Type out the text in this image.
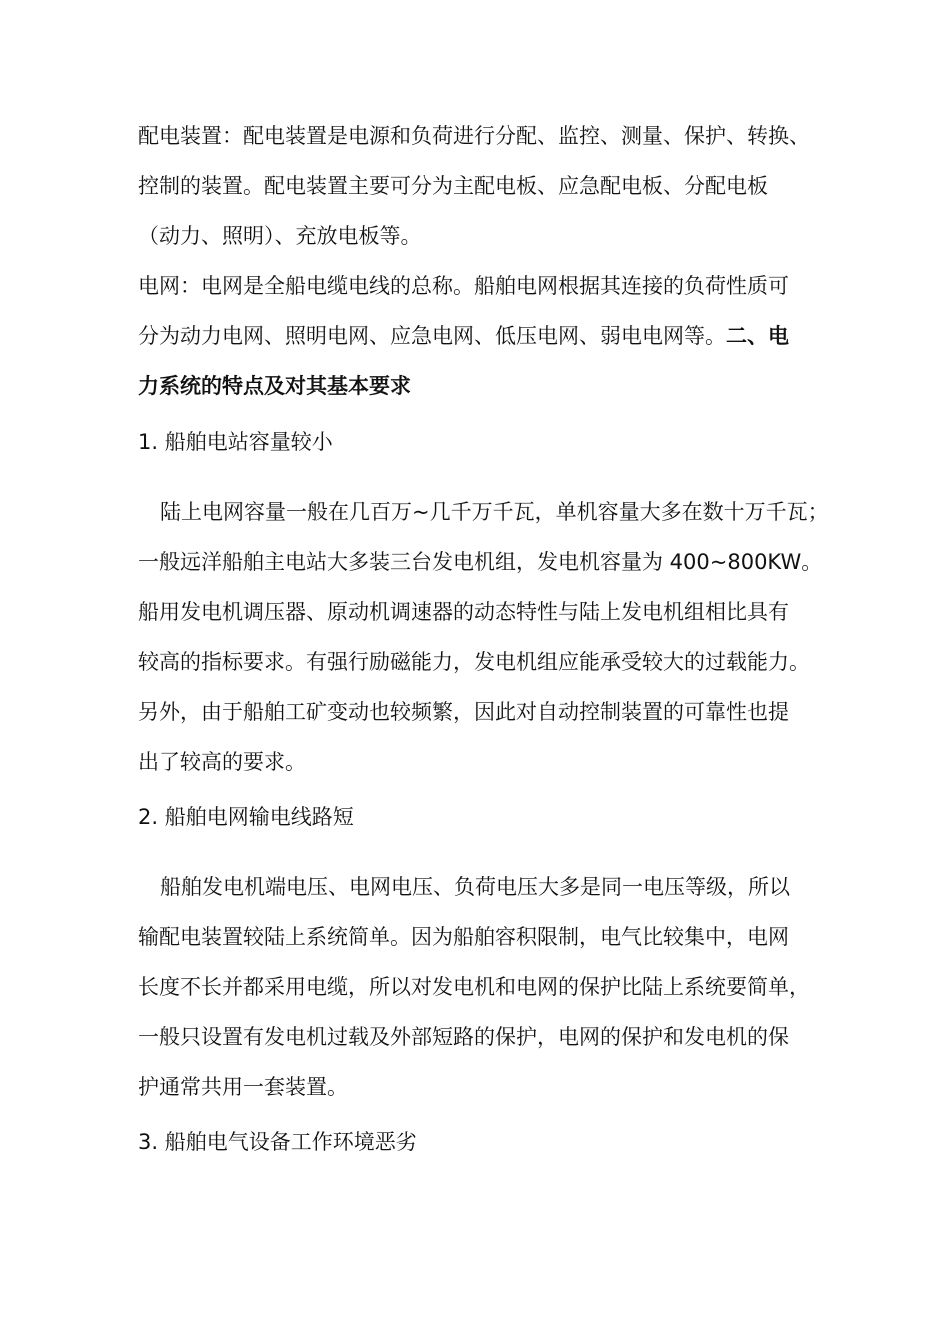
配电装置：配电装置是电源和负荷进行分配、监控、测量、保护、转换、
控制的装置。配电装置主要可分为主配电板、应急配电板、分配电板
（动力、照明）、充放电板等。
电网：电网是全船电缆电线的总称。船舶电网根据其连接的负荷性质可
分为动力电网、照明电网、应急电网、低压电网、弱电电网等。二、电
力系统的特点及对其基本要求
1. 船舶电站容量较小
陆上电网容量一般在几百万~几千万千瓦，单机容量大多在数十万千瓦；
一般远洋船舶主电站大多装三台发电机组，发电机容量为 400~800KW。
船用发电机调压器、原动机调速器的动态特性与陆上发电机组相比具有
较高的指标要求。有强行励磁能力，发电机组应能承受较大的过载能力。
另外，由于船舶工矿变动也较频繁，因此对自动控制装置的可靠性也提
出了较高的要求。
2. 船舶电网输电线路短
船舶发电机端电压、电网电压、负荷电压大多是同一电压等级，所以
输配电装置较陆上系统简单。因为船舶容积限制，电气比较集中，电网
长度不长并都采用电缆，所以对发电机和电网的保护比陆上系统要简单，
一般只设置有发电机过载及外部短路的保护，电网的保护和发电机的保
护通常共用一套装置。
3. 船舶电气设备工作环境恶劣
